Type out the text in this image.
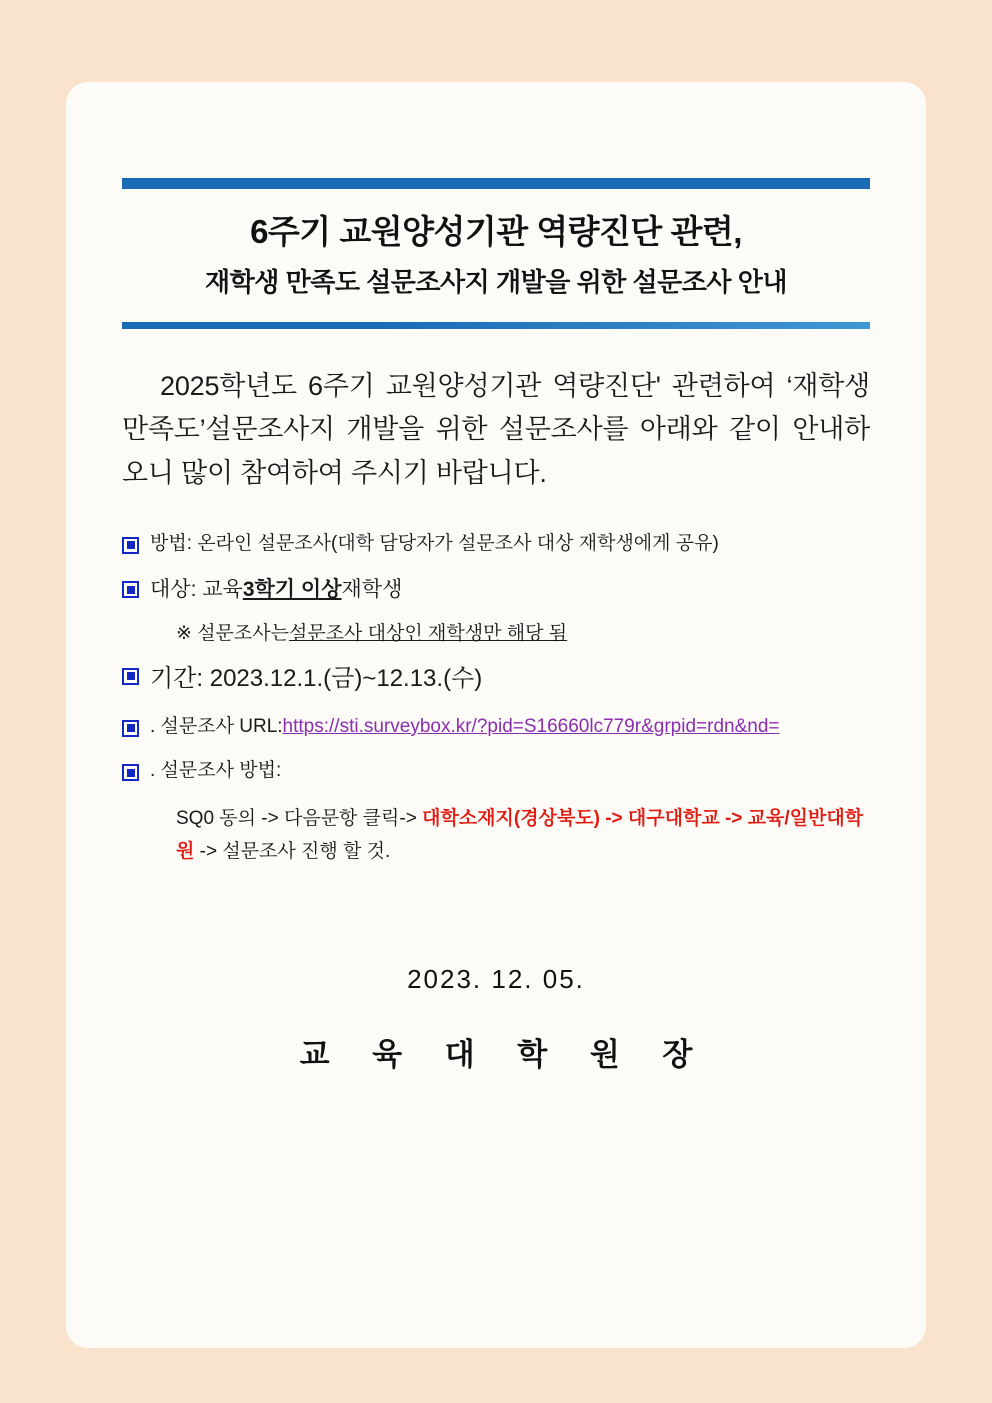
6주기 교원양성기관 역량진단 관련,
재학생 만족도 설문조사지 개발을 위한 설문조사 안내
2025학년도 6주기 교원양성기관 역량진단' 관련하여 ‘재학생 만족도’설문조사지 개발을 위한 설문조사를 아래와 같이 안내하오니 많이 참여하여 주시기 바랍니다.
방법: 온라인 설문조사(대학 담당자가 설문조사 대상 재학생에게 공유)
대상: 교육3학기 이상재학생
※ 설문조사는설문조사 대상인 재학생만 해당 됨
기간: 2023.12.1.(금)~12.13.(수)
. 설문조사 URL:https://sti.surveybox.kr/?pid=S16660lc779r&grpid=rdn&nd=
. 설문조사 방법:
SQ0 동의 -> 다음문항 클릭-> 대학소재지(경상북도) -> 대구대학교 -> 교육/일반대학원 -> 설문조사 진행 할 것.
2023. 12. 05.
교 육 대 학 원 장
